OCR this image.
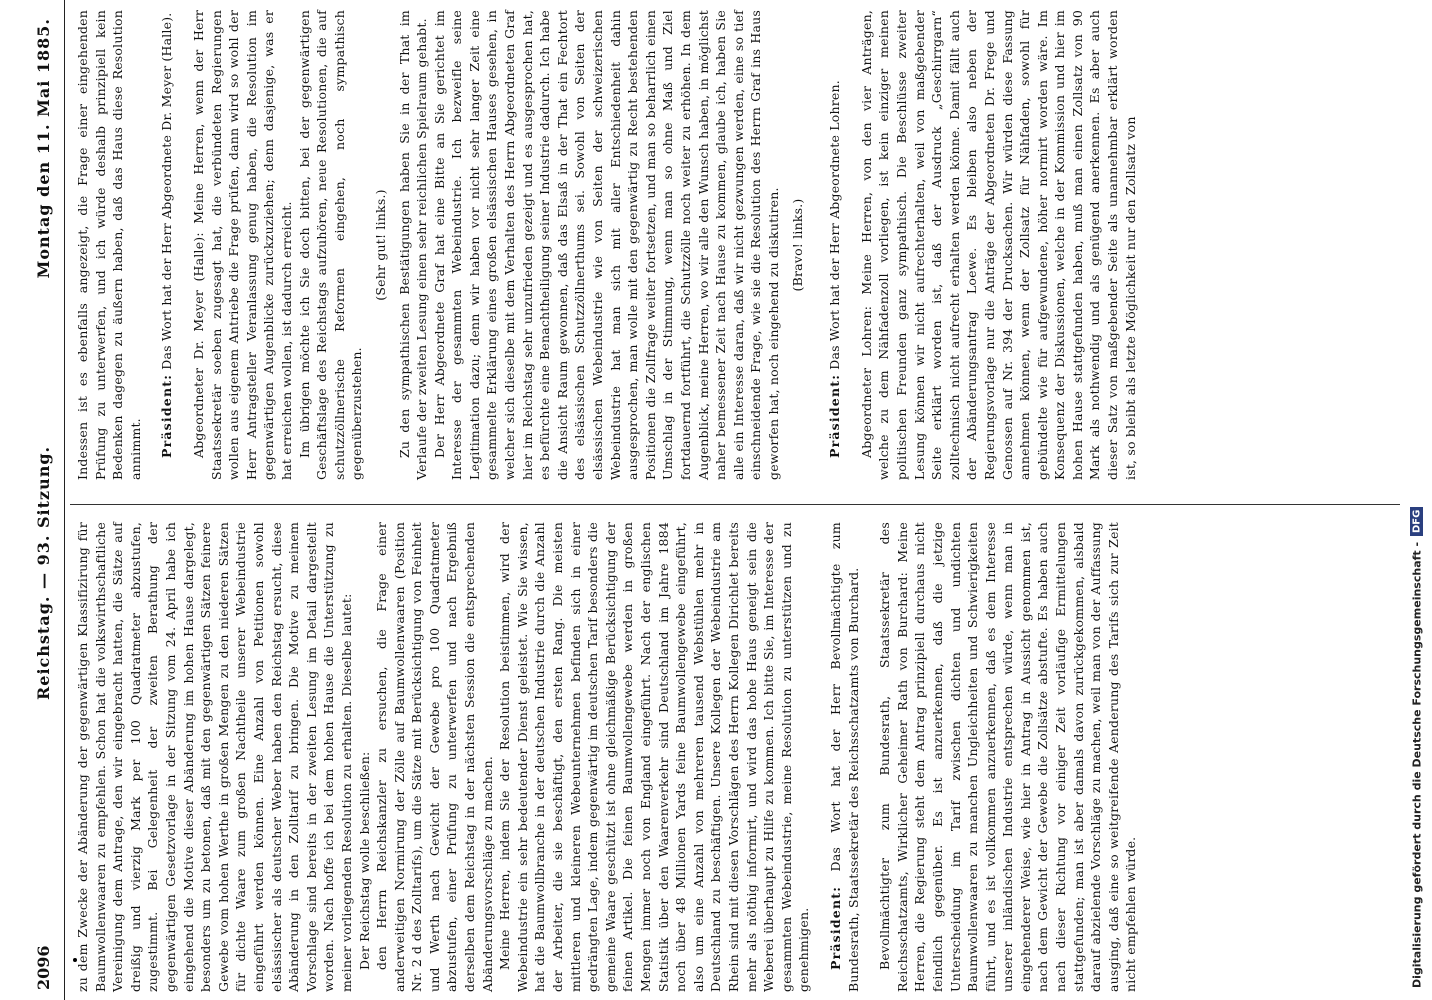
2096
Reichstag. — 93. Sitzung.
Montag den 11. Mai 1885.

zu dem Zwecke der Abänderung der gegenwärtigen Klassifizirung für Baumwollenwaaren zu empfehlen. Schon hat die volkswirthschaftliche Vereinigung dem Antrage, den wir eingebracht hatten, die Sätze auf dreißig und vierzig Mark per 100 Quadratmeter abzustufen, zugestimmt. Bei Gelegenheit der zweiten Berathung der gegenwärtigen Gesetzvorlage in der Sitzung vom 24. April habe ich eingehend die Motive dieser Abänderung im hohen Hause dargelegt, besonders um zu betonen, daß mit den gegenwärtigen Sätzen feinere Gewebe vom hohen Werthe in großen Mengen zu den niederen Sätzen für dichte Waare zum großen Nachtheile unserer Webeindustrie eingeführt werden können. Eine Anzahl von Petitionen sowohl elsässischer als deutscher Weber haben den Reichstag ersucht, diese Abänderung in den Zolltarif zu bringen. Die Motive zu meinem Vorschlage sind bereits in der zweiten Lesung im Detail dargestellt worden. Nach hoffe ich bei dem hohen Hause die Unterstützung zu meiner vorliegenden Resolution zu erhalten. Dieselbe lautet: Der Reichstag wolle beschließen: den Herrn Reichskanzler zu ersuchen, die Frage einer anderweitigen Normirung der Zölle auf Baumwollenwaaren (Position Nr. 2 d des Zolltarifs), um die Sätze mit Berücksichtigung von Feinheit und Werth nach Gewicht der Gewebe pro 100 Quadratmeter abzustufen, einer Prüfung zu unterwerfen und nach Ergebniß derselben dem Reichstag in der nächsten Session die entsprechenden Abänderungsvorschläge zu machen. Meine Herren, indem Sie der Resolution beistimmen, wird der Webeindustrie ein sehr bedeutender Dienst geleistet. Wie Sie wissen, hat die Baumwollbranche in der deutschen Industrie durch die Anzahl der Arbeiter, die sie beschäftigt, den ersten Rang. Die meisten mittleren und kleineren Webeunternehmen befinden sich in einer gedrängten Lage, indem gegenwärtig im deutschen Tarif besonders die gemeine Waare geschützt ist ohne gleichmäßige Berücksichtigung der feinen Artikel. Die feinen Baumwollengewebe werden in großen Mengen immer noch von England eingeführt. Nach der englischen Statistik über den Waarenverkehr sind Deutschland im Jahre 1884 noch über 48 Millionen Yards feine Baumwollengewebe eingeführt, also um eine Anzahl von mehreren tausend Webstühlen mehr in Deutschland zu beschäftigen. Unsere Kollegen der Webeindustrie am Rhein sind mit diesen Vorschlägen des Herrn Kollegen Dirichlet bereits mehr als nöthig informirt, und wird das hohe Haus geneigt sein die Weberei überhaupt zu Hilfe zu kommen. Ich bitte Sie, im Interesse der gesammten Webeindustrie, meine Resolution zu unterstützen und zu genehmigen. Präsident: Das Wort hat der Herr Bevollmächtigte zum Bundesrath, Staatssekretär des Reichsschatzamts von Burchard. Bevollmächtigter zum Bundesrath, Staatssekretär des Reichsschatzamts, Wirklicher Geheimer Rath von Burchard: Meine Herren, die Regierung steht dem Antrag prinzipiell durchaus nicht feindlich gegenüber. Es ist anzuerkennen, daß die jetzige Unterscheidung im Tarif zwischen dichten und undichten Baumwollenwaaren zu manchen Ungleichheiten und Schwierigkeiten führt, und es ist vollkommen anzuerkennen, daß es dem Interesse unserer inländischen Industrie entsprechen würde, wenn man in eingehenderer Weise, wie hier in Antrag in Aussicht genommen ist, nach dem Gewicht der Gewebe die Zollsätze abstufte. Es haben auch nach dieser Richtung vor einiger Zeit vorläufige Ermittelungen stattgefunden; man ist aber damals davon zurückgekommen, alsbald darauf abzielende Vorschläge zu machen, weil man von der Auffassung ausging, daß eine so weitgreifende Aenderung des Tarifs sich zur Zeit nicht empfehlen würde.

Indessen ist es ebenfalls angezeigt, die Frage einer eingehenden Prüfung zu unterwerfen, und ich würde deshalb prinzipiell kein Bedenken dagegen zu äußern haben, daß das Haus diese Resolution annimmt. Präsident: Das Wort hat der Herr Abgeordnete Dr. Meyer (Halle). Abgeordneter Dr. Meyer (Halle): Meine Herren, wenn der Herr Staatssekretär soeben zugesagt hat, die verbündeten Regierungen wollen aus eigenem Antriebe die Frage prüfen, dann wird so wohl der Herr Antragsteller Veranlassung genug haben, die Resolution im gegenwärtigen Augenblicke zurückzuziehen; denn dasjenige, was er hat erreichen wollen, ist dadurch erreicht. Im übrigen möchte ich Sie doch bitten, bei der gegenwärtigen Geschäftslage des Reichstags aufzuhören, neue Resolutionen, die auf schutzzöllnerische Reformen eingehen, noch sympathisch gegenüberzustehen.

(Sehr gut! links.) Zu den sympathischen Bestätigungen haben Sie in der That im Verlaufe der zweiten Lesung einen sehr reichlichen Spielraum gehabt. Der Herr Abgeordnete Graf hat eine Bitte an Sie gerichtet im Interesse der gesammten Webeindustrie. Ich bezweifle seine Legitimation dazu; denn wir haben vor nicht sehr langer Zeit eine gesammelte Erklärung eines großen elsässischen Hauses gesehen, in welcher sich dieselbe mit dem Verhalten des Herrn Abgeordneten Graf hier im Reichstag sehr unzufrieden gezeigt und es ausgesprochen hat, es befürchte eine Benachtheiligung seiner Industrie dadurch. Ich habe die Ansicht Raum gewonnen, daß das Elsaß in der That ein Fechtort des elsässischen Schutzzöllnerthums sei. Sowohl von Seiten der elsässischen Webeindustrie wie von Seiten der schweizerischen Webeindustrie hat man sich mit aller Entschiedenheit dahin ausgesprochen, man wolle mit den gegenwärtig zu Recht bestehenden Positionen die Zollfrage weiter fortsetzen, und man so beharrlich einen Umschlag in der Stimmung, wenn man so ohne Maß und Ziel fortdauernd fortführt, die Schutzzölle noch weiter zu erhöhen. In dem Augenblick, meine Herren, wo wir alle den Wunsch haben, in möglichst naher bemessener Zeit nach Hause zu kommen, glaube ich, haben Sie alle ein Interesse daran, daß wir nicht gezwungen werden, eine so tief einschneidende Frage, wie sie die Resolution des Herrn Graf ins Haus geworfen hat, noch eingehend zu diskutiren. (Bravo! links.)

Präsident: Das Wort hat der Herr Abgeordnete Lohren. Abgeordneter Lohren: Meine Herren, von den vier Anträgen, welche zu dem Nähfadenzoll vorliegen, ist kein einziger meinen politischen Freunden ganz sympathisch. Die Beschlüsse zweiter Lesung können wir nicht aufrechterhalten, weil von maßgebender Seite erklärt worden ist, daß der Ausdruck „Geschirrgarn“ zolltechnisch nicht aufrecht erhalten werden könne. Damit fällt auch der Abänderungsantrag Loewe. Es bleiben also neben der Regierungsvorlage nur die Anträge der Abgeordneten Dr. Frege und Genossen auf Nr. 394 der Drucksachen. Wir würden diese Fassung annehmen können, wenn der Zollsatz für Nähfaden, sowohl für gebündelte wie für aufgewundene, höher normirt worden wäre. Im Konsequenz der Diskussionen, welche in der Kommission und hier im hohen Hause stattgefunden haben, muß man einen Zollsatz von 90 Mark als nothwendig und als genügend anerkennen. Es aber auch dieser Satz von maßgebender Seite als unannehmbar erklärt worden ist, so bleibt als letzte Möglichkeit nur den Zollsatz von

Digitalisierung gefördert durch die Deutsche Forschungsgemeinschaft -
DFG
